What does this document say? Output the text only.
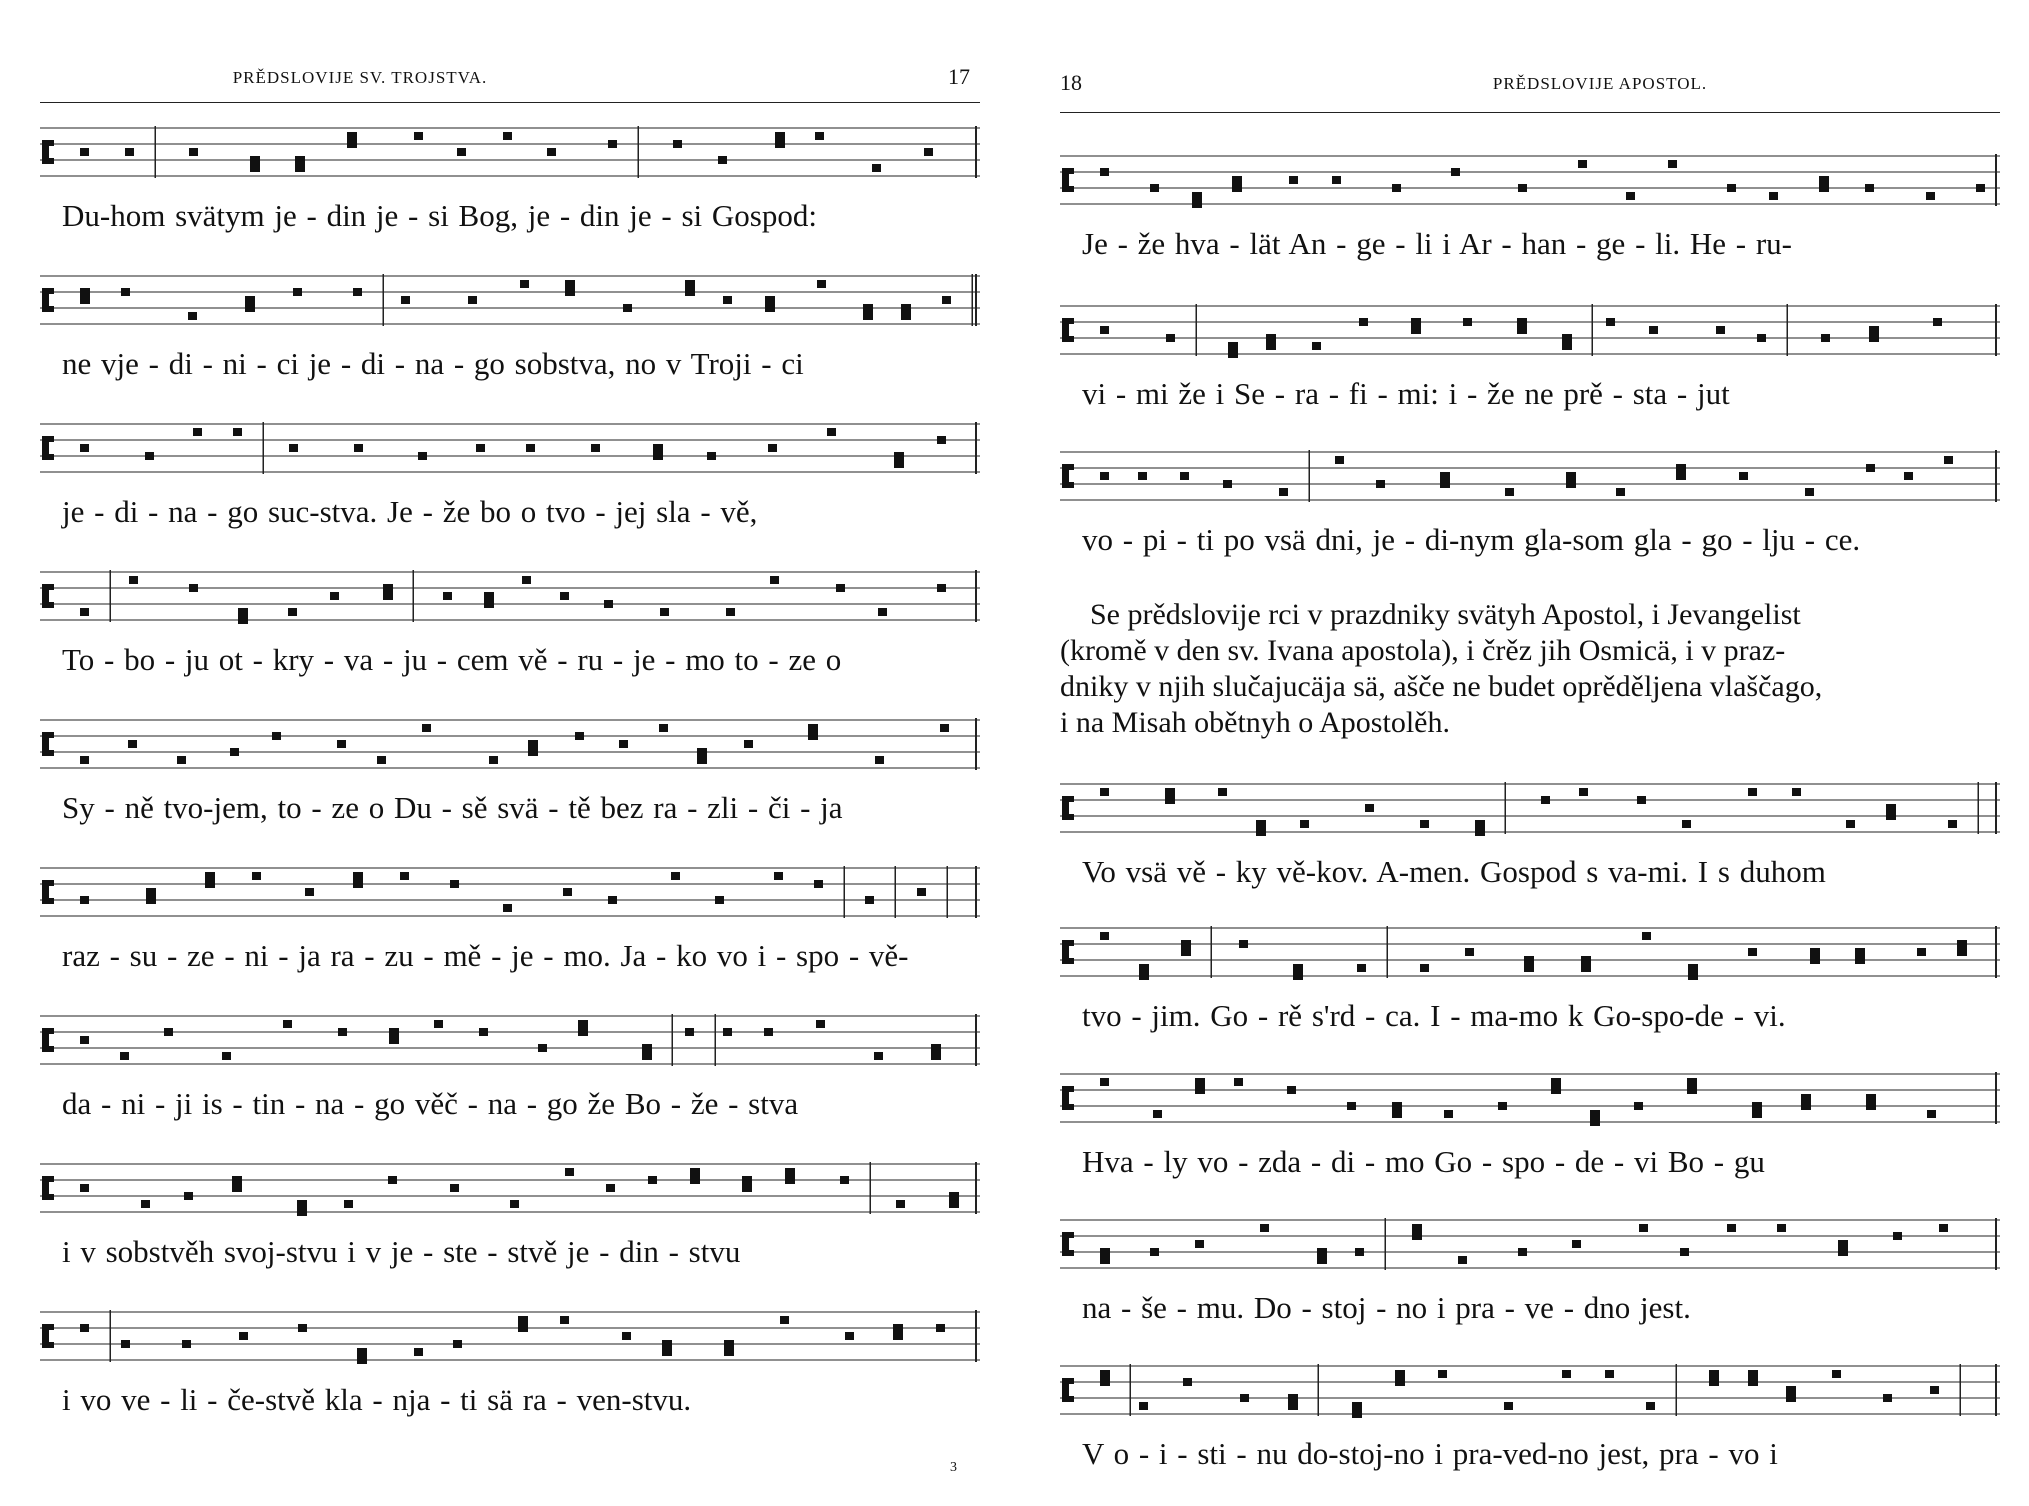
PRĚDSLOVIJE SV. TROJSTVA.	17
Du-hom svätym je - din je - si Bog, je - din je - si Gospod:
ne vje - di - ni - ci je - di - na - go sobstva, no v Troji - ci
je - di - na - go suc-stva. Je - že bo o tvo - jej sla - vě,
To - bo - ju ot - kry - va - ju - cem vě - ru - je - mo to - ze o
Sy - ně tvo-jem, to - ze o Du - sě svä - tě bez ra - zli - či - ja
raz - su - ze - ni - ja ra - zu - mě - je - mo. Ja - ko vo i - spo - vě-
da - ni - ji is - tin - na - go věč - na - go že Bo - že - stva
i v sobstvěh svoj-stvu i v je - ste - stvě je - din - stvu
i vo ve - li - če-stvě kla - nja - ti sä ra - ven-stvu.
3
18	PRĚDSLOVIJE APOSTOL.
Je - že hva - lät An - ge - li i Ar - han - ge - li. He - ru-
vi - mi že i Se - ra - fi - mi: i - že ne prě - sta - jut
vo - pi - ti po vsä dni, je - di-nym gla-som gla - go - lju - ce.
Se prědslovije rci v prazdniky svätyh Apostol, i Jevangelist
(kromě v den sv. Ivana apostola), i črěz jih Osmicä, i v praz-
dniky v njih slučajucäja sä, ašče ne budet oprěděljena vlaščago,
i na Misah obětnyh o Apostolěh.
Vo vsä vě - ky vě-kov. A-men. Gospod s va-mi. I s duhom
tvo - jim. Go - rě s'rd - ca. I - ma-mo k Go-spo-de - vi.
Hva - ly vo - zda - di - mo Go - spo - de - vi Bo - gu
na - še - mu. Do - stoj - no i pra - ve - dno jest.
V o - i - sti - nu do-stoj-no i pra-ved-no jest, pra - vo i
